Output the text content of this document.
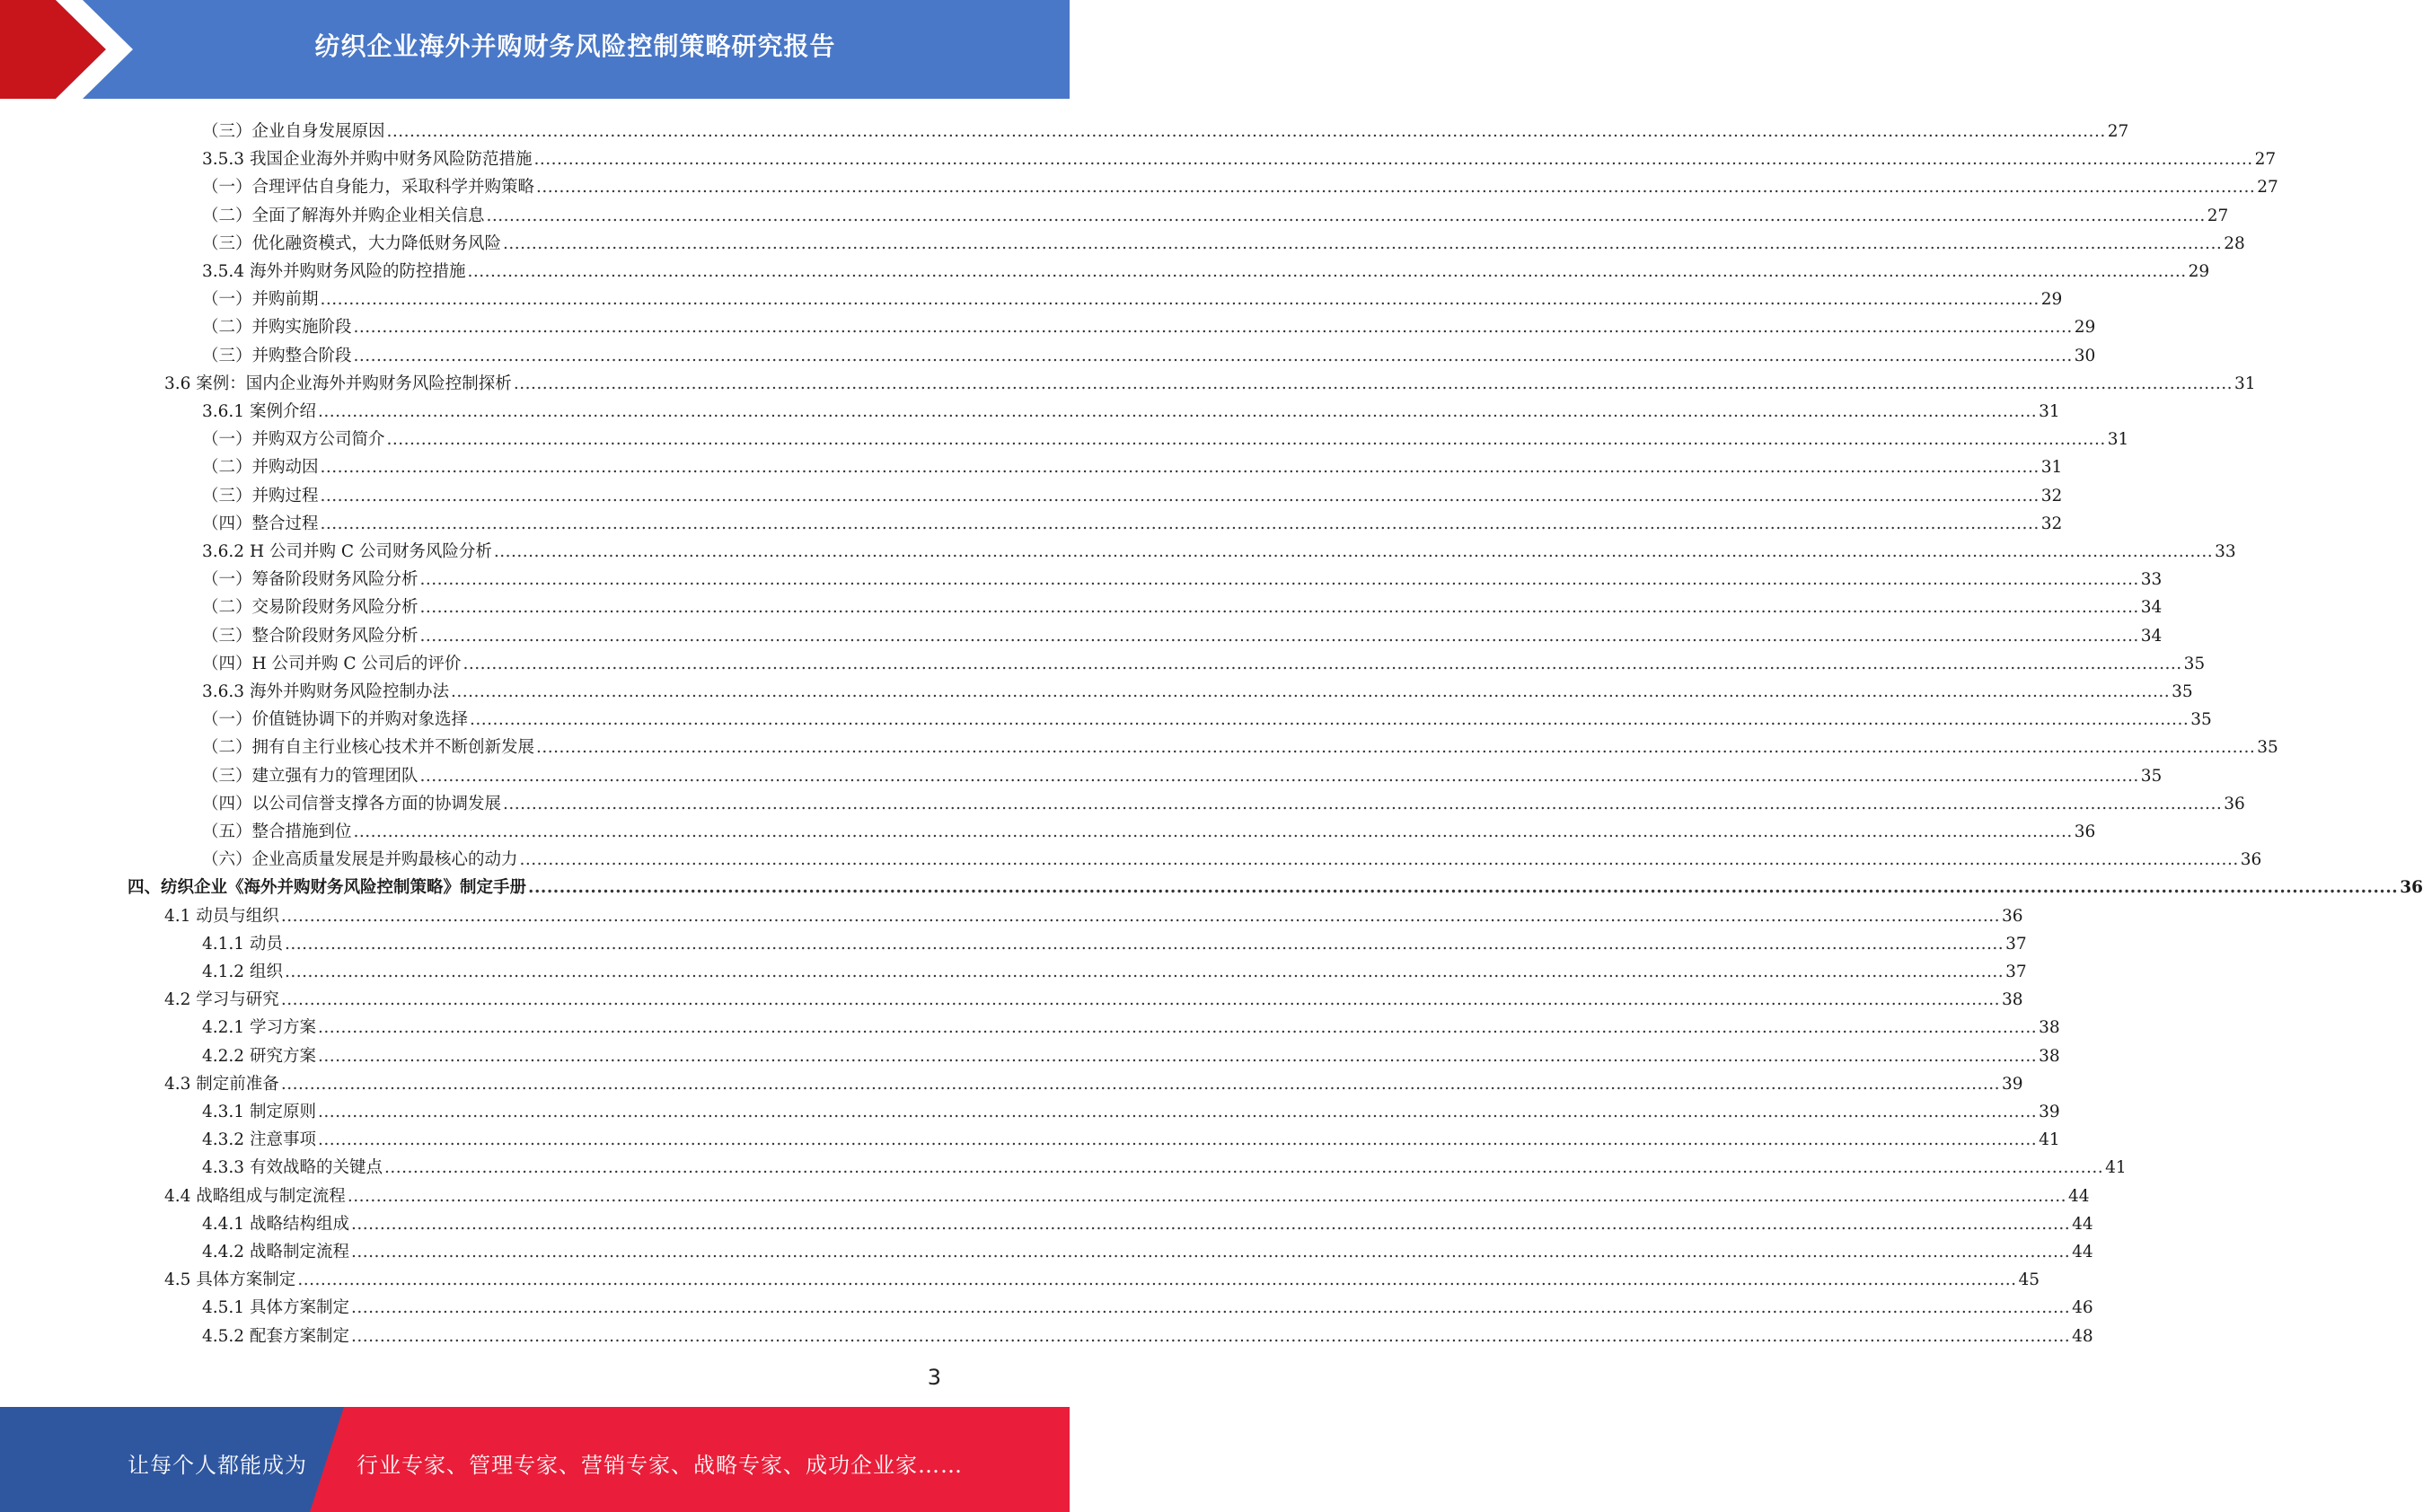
纺织企业海外并购财务风险控制策略研究报告
（三）企业自身发展原因 ............................................................................................................................................................................................................................................................................................................ 27
3.5.3 我国企业海外并购中财务风险防范措施 ............................................................................................................................................................................................................................................................................................................ 27
（一）合理评估自身能力，采取科学并购策略 ............................................................................................................................................................................................................................................................................................................ 27
（二）全面了解海外并购企业相关信息 ............................................................................................................................................................................................................................................................................................................ 27
（三）优化融资模式，大力降低财务风险 ............................................................................................................................................................................................................................................................................................................ 28
3.5.4 海外并购财务风险的防控措施 ............................................................................................................................................................................................................................................................................................................ 29
（一）并购前期 ............................................................................................................................................................................................................................................................................................................ 29
（二）并购实施阶段 ............................................................................................................................................................................................................................................................................................................ 29
（三）并购整合阶段 ............................................................................................................................................................................................................................................................................................................ 30
3.6 案例：国内企业海外并购财务风险控制探析 ............................................................................................................................................................................................................................................................................................................ 31
3.6.1 案例介绍 ............................................................................................................................................................................................................................................................................................................ 31
（一）并购双方公司简介 ............................................................................................................................................................................................................................................................................................................ 31
（二）并购动因 ............................................................................................................................................................................................................................................................................................................ 31
（三）并购过程 ............................................................................................................................................................................................................................................................................................................ 32
（四）整合过程 ............................................................................................................................................................................................................................................................................................................ 32
3.6.2 H 公司并购 C 公司财务风险分析 ............................................................................................................................................................................................................................................................................................................ 33
（一）筹备阶段财务风险分析 ............................................................................................................................................................................................................................................................................................................ 33
（二）交易阶段财务风险分析 ............................................................................................................................................................................................................................................................................................................ 34
（三）整合阶段财务风险分析 ............................................................................................................................................................................................................................................................................................................ 34
（四）H 公司并购 C 公司后的评价 ............................................................................................................................................................................................................................................................................................................ 35
3.6.3 海外并购财务风险控制办法 ............................................................................................................................................................................................................................................................................................................ 35
（一）价值链协调下的并购对象选择 ............................................................................................................................................................................................................................................................................................................ 35
（二）拥有自主行业核心技术并不断创新发展 ............................................................................................................................................................................................................................................................................................................ 35
（三）建立强有力的管理团队 ............................................................................................................................................................................................................................................................................................................ 35
（四）以公司信誉支撑各方面的协调发展 ............................................................................................................................................................................................................................................................................................................ 36
（五）整合措施到位 ............................................................................................................................................................................................................................................................................................................ 36
（六）企业高质量发展是并购最核心的动力 ............................................................................................................................................................................................................................................................................................................ 36
四、纺织企业《海外并购财务风险控制策略》制定手册 ............................................................................................................................................................................................................................................................................................................ 36
4.1 动员与组织 ............................................................................................................................................................................................................................................................................................................ 36
4.1.1 动员 ............................................................................................................................................................................................................................................................................................................ 37
4.1.2 组织 ............................................................................................................................................................................................................................................................................................................ 37
4.2 学习与研究 ............................................................................................................................................................................................................................................................................................................ 38
4.2.1 学习方案 ............................................................................................................................................................................................................................................................................................................ 38
4.2.2 研究方案 ............................................................................................................................................................................................................................................................................................................ 38
4.3 制定前准备 ............................................................................................................................................................................................................................................................................................................ 39
4.3.1 制定原则 ............................................................................................................................................................................................................................................................................................................ 39
4.3.2 注意事项 ............................................................................................................................................................................................................................................................................................................ 41
4.3.3 有效战略的关键点 ............................................................................................................................................................................................................................................................................................................ 41
4.4 战略组成与制定流程 ............................................................................................................................................................................................................................................................................................................ 44
4.4.1 战略结构组成 ............................................................................................................................................................................................................................................................................................................ 44
4.4.2 战略制定流程 ............................................................................................................................................................................................................................................................................................................ 44
4.5 具体方案制定 ............................................................................................................................................................................................................................................................................................................ 45
4.5.1 具体方案制定 ............................................................................................................................................................................................................................................................................................................ 46
4.5.2 配套方案制定 ............................................................................................................................................................................................................................................................................................................ 48
3
让每个人都能成为 行业专家、管理专家、营销专家、战略专家、成功企业家……
